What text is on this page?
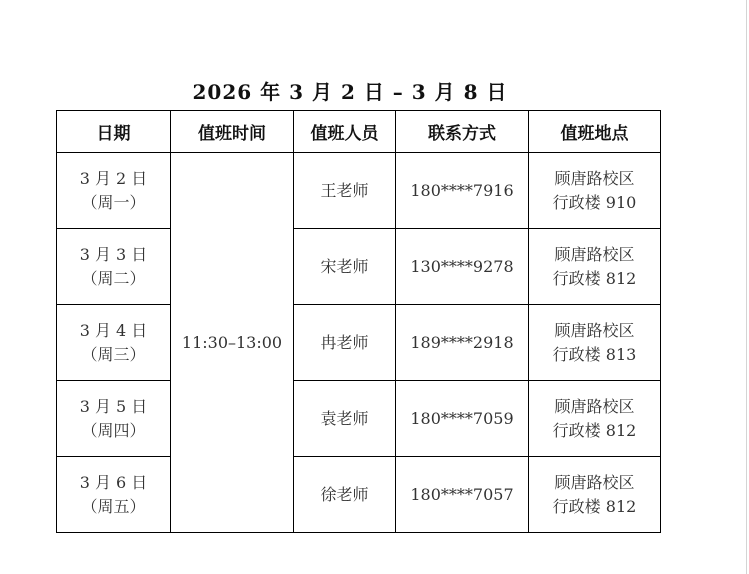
2026 年 3 月 2 日 – 3 月 8 日
日期	值班时间	值班人员	联系方式	值班地点

3 月 2 日
（周一）	11:30–13:00	王老师	180****7916	顾唐路校区
行政楼 910

3 月 3 日
（周二）		宋老师	130****9278	顾唐路校区
行政楼 812

3 月 4 日
（周三）		冉老师	189****2918	顾唐路校区
行政楼 813

3 月 5 日
（周四）		袁老师	180****7059	顾唐路校区
行政楼 812

3 月 6 日
（周五）		徐老师	180****7057	顾唐路校区
行政楼 812
